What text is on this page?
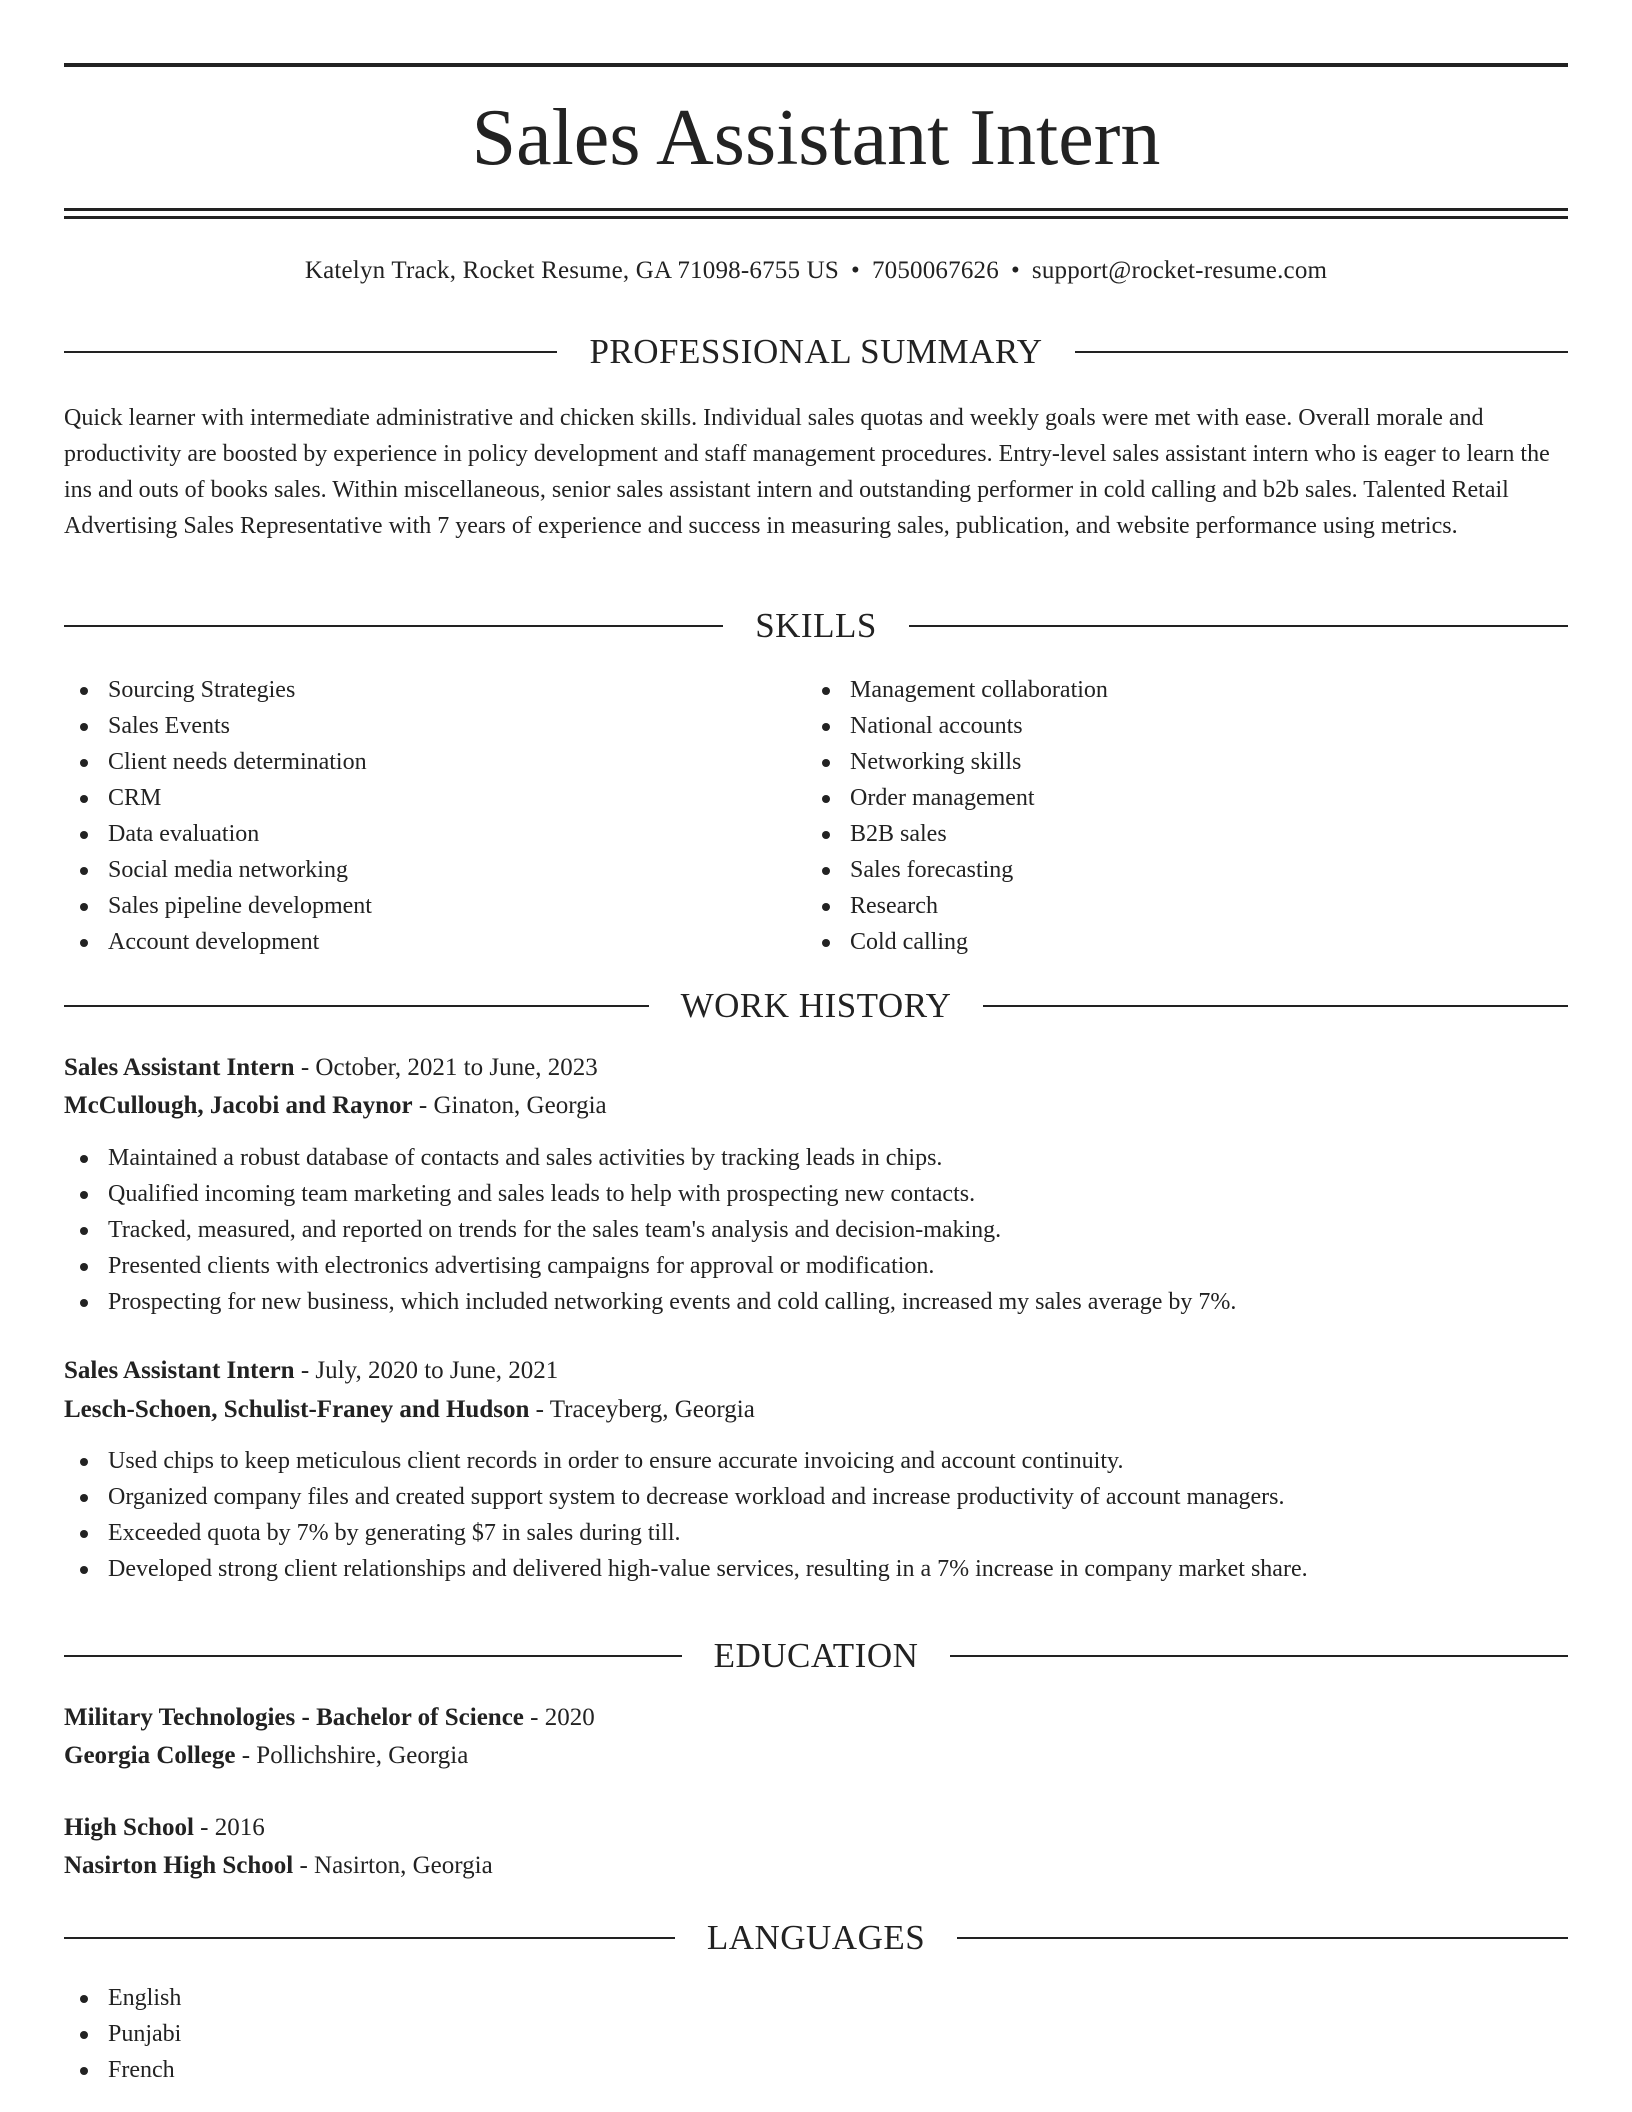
Sales Assistant Intern
Katelyn Track, Rocket Resume, GA 71098-6755 US • 7050067626 • support@rocket-resume.com
PROFESSIONAL SUMMARY

Quick learner with intermediate administrative and chicken skills. Individual sales quotas and weekly goals were met with ease. Overall morale and productivity are boosted by experience in policy development and staff management procedures. Entry-level sales assistant intern who is eager to learn the ins and outs of books sales. Within miscellaneous, senior sales assistant intern and outstanding performer in cold calling and b2b sales. Talented Retail Advertising Sales Representative with 7 years of experience and success in measuring sales, publication, and website performance using metrics.

SKILLS
Sourcing Strategies
Sales Events
Client needs determination
CRM
Data evaluation
Social media networking
Sales pipeline development
Account development
Management collaboration
National accounts
Networking skills
Order management
B2B sales
Sales forecasting
Research
Cold calling
WORK HISTORY
Sales Assistant Intern - October, 2021 to June, 2023
McCullough, Jacobi and Raynor - Ginaton, Georgia
Maintained a robust database of contacts and sales activities by tracking leads in chips.
Qualified incoming team marketing and sales leads to help with prospecting new contacts.
Tracked, measured, and reported on trends for the sales team's analysis and decision-making.
Presented clients with electronics advertising campaigns for approval or modification.
Prospecting for new business, which included networking events and cold calling, increased my sales average by 7%.
Sales Assistant Intern - July, 2020 to June, 2021
Lesch-Schoen, Schulist-Franey and Hudson - Traceyberg, Georgia
Used chips to keep meticulous client records in order to ensure accurate invoicing and account continuity.
Organized company files and created support system to decrease workload and increase productivity of account managers.
Exceeded quota by 7% by generating $7 in sales during till.
Developed strong client relationships and delivered high-value services, resulting in a 7% increase in company market share.
EDUCATION
Military Technologies - Bachelor of Science - 2020
Georgia College - Pollichshire, Georgia
High School - 2016
Nasirton High School - Nasirton, Georgia
LANGUAGES
English
Punjabi
French
